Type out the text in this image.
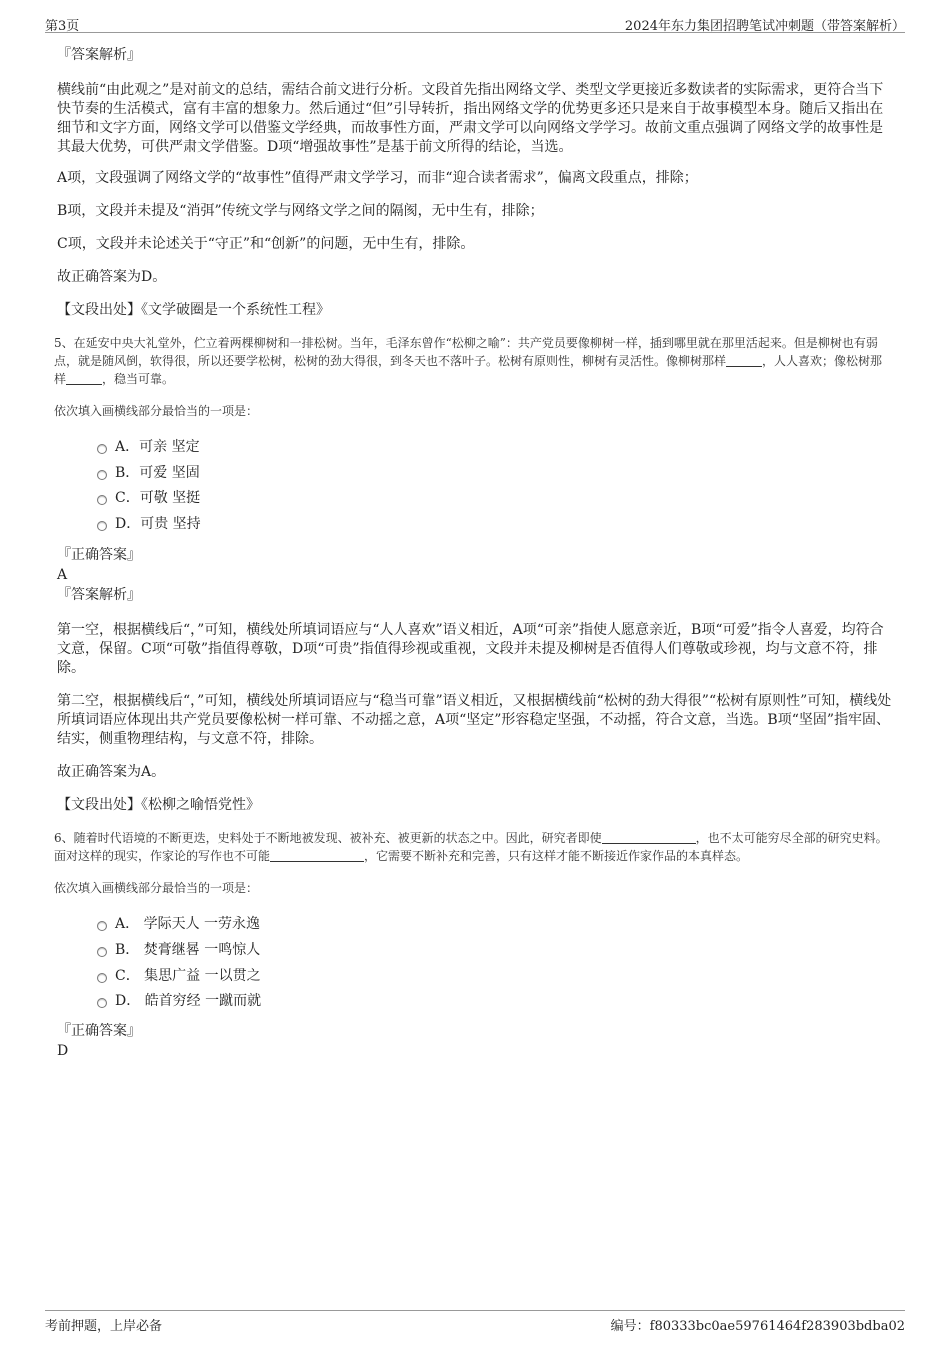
第3页	2024年东力集团招聘笔试冲刺题（带答案解析）

『答案解析』

横线前“由此观之”是对前文的总结，需结合前文进行分析。文段首先指出网络文学、类型文学更接近多数读者的实际需求，更符合当下快节奏的生活模式，富有丰富的想象力。然后通过“但”引导转折，指出网络文学的优势更多还只是来自于故事模型本身。随后又指出在细节和文字方面，网络文学可以借鉴文学经典，而故事性方面，严肃文学可以向网络文学学习。故前文重点强调了网络文学的故事性是其最大优势，可供严肃文学借鉴。D项“增强故事性”是基于前文所得的结论，当选。

A项，文段强调了网络文学的“故事性”值得严肃文学学习，而非“迎合读者需求”，偏离文段重点，排除；

B项，文段并未提及“消弭”传统文学与网络文学之间的隔阂，无中生有，排除；

C项，文段并未论述关于“守正”和“创新”的问题，无中生有，排除。

故正确答案为D。

【文段出处】《文学破圈是一个系统性工程》

5、在延安中央大礼堂外，伫立着两棵柳树和一排松树。当年，毛泽东曾作“松柳之喻”：共产党员要像柳树一样，插到哪里就在那里活起来。但是柳树也有弱点，就是随风倒，软得很，所以还要学松树，松树的劲大得很，到冬天也不落叶子。松树有原则性，柳树有灵活性。像柳树那样	，人人喜欢；像松树那样	，稳当可靠。

依次填入画横线部分最恰当的一项是：

A．可亲 坚定
B．可爱 坚固
C．可敬 坚挺
D．可贵 坚持

『正确答案』

A

『答案解析』

第一空，根据横线后“，”可知，横线处所填词语应与“人人喜欢”语义相近，A项“可亲”指使人愿意亲近，B项“可爱”指令人喜爱，均符合文意，保留。C项“可敬”指值得尊敬，D项“可贵”指值得珍视或重视，文段并未提及柳树是否值得人们尊敬或珍视，均与文意不符，排除。

第二空，根据横线后“，”可知，横线处所填词语应与“稳当可靠”语义相近，又根据横线前“松树的劲大得很”“松树有原则性”可知，横线处所填词语应体现出共产党员要像松树一样可靠、不动摇之意，A项“坚定”形容稳定坚强，不动摇，符合文意，当选。B项“坚固”指牢固、结实，侧重物理结构，与文意不符，排除。

故正确答案为A。

【文段出处】《松柳之喻悟党性》

6、随着时代语境的不断更迭，史料处于不断地被发现、被补充、被更新的状态之中。因此，研究者即使	，也不太可能穷尽全部的研究史料。面对这样的现实，作家论的写作也不可能	，它需要不断补充和完善，只有这样才能不断接近作家作品的本真样态。

依次填入画横线部分最恰当的一项是：

A． 学际天人 一劳永逸
B． 焚膏继晷 一鸣惊人
C． 集思广益 一以贯之
D． 皓首穷经 一蹴而就

『正确答案』

D

考前押题，上岸必备	编号：f80333bc0ae59761464f283903bdba02
